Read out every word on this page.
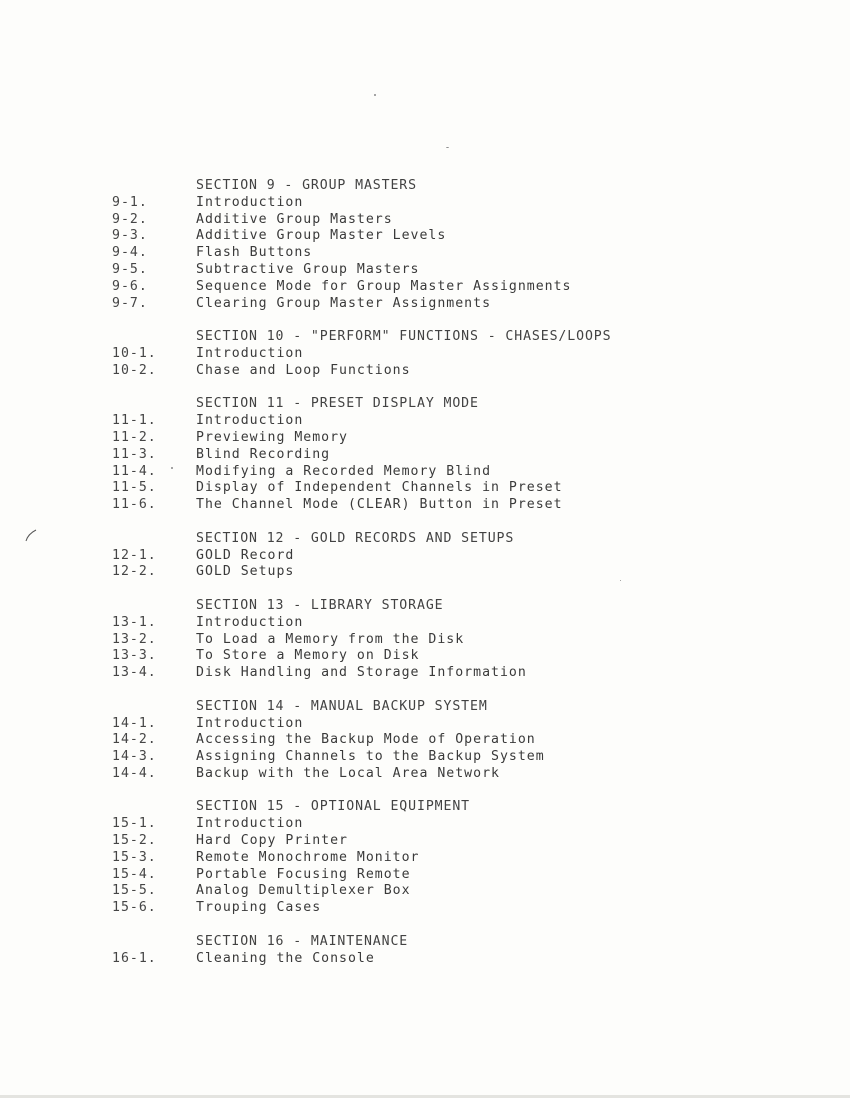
SECTION 9 - GROUP MASTERS
9-1.	Introduction
9-2.	Additive Group Masters
9-3.	Additive Group Master Levels
9-4.	Flash Buttons
9-5.	Subtractive Group Masters
9-6.	Sequence Mode for Group Master Assignments
9-7.	Clearing Group Master Assignments
SECTION 10 - "PERFORM" FUNCTIONS - CHASES/LOOPS
10-1.	Introduction
10-2.	Chase and Loop Functions
SECTION 11 - PRESET DISPLAY MODE
11-1.	Introduction
11-2.	Previewing Memory
11-3.	Blind Recording
11-4.	Modifying a Recorded Memory Blind
11-5.	Display of Independent Channels in Preset
11-6.	The Channel Mode (CLEAR) Button in Preset
SECTION 12 - GOLD RECORDS AND SETUPS
12-1.	GOLD Record
12-2.	GOLD Setups
SECTION 13 - LIBRARY STORAGE
13-1.	Introduction
13-2.	To Load a Memory from the Disk
13-3.	To Store a Memory on Disk
13-4.	Disk Handling and Storage Information
SECTION 14 - MANUAL BACKUP SYSTEM
14-1.	Introduction
14-2.	Accessing the Backup Mode of Operation
14-3.	Assigning Channels to the Backup System
14-4.	Backup with the Local Area Network
SECTION 15 - OPTIONAL EQUIPMENT
15-1.	Introduction
15-2.	Hard Copy Printer
15-3.	Remote Monochrome Monitor
15-4.	Portable Focusing Remote
15-5.	Analog Demultiplexer Box
15-6.	Trouping Cases
SECTION 16 - MAINTENANCE
16-1.	Cleaning the Console
